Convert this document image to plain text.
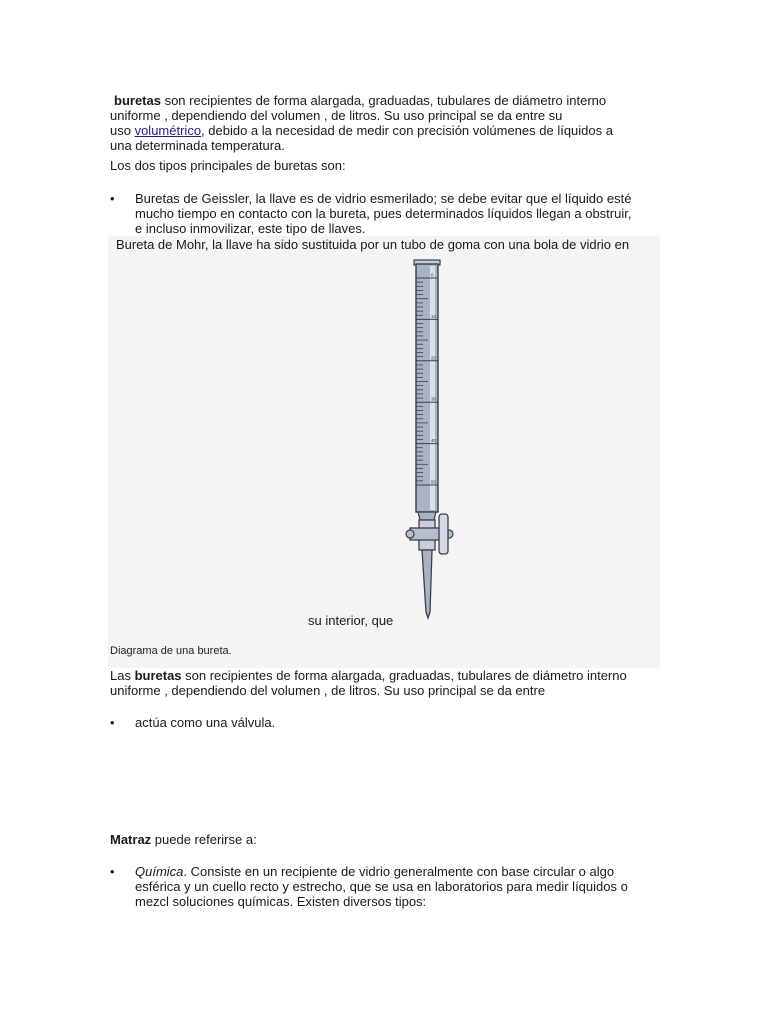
buretas son recipientes de forma alargada, graduadas, tubulares de diámetro interno

uniforme , dependiendo del volumen , de litros. Su uso principal se da entre su

uso volumétrico, debido a la necesidad de medir con precisión volúmenes de líquidos a

una determinada temperatura.

Los dos tipos principales de buretas son:

•	Buretas de Geissler, la llave es de vidrio esmerilado; se debe evitar que el líquido esté

mucho tiempo en contacto con la bureta, pues determinados líquidos llegan a obstruir,

e incluso inmovilizar, este tipo de llaves.

Bureta de Mohr, la llave ha sido sustituida por un tubo de goma con una bola de vidrio en

0
10
20
30
40
50

su interior, que

Diagrama de una bureta.

Las buretas son recipientes de forma alargada, graduadas, tubulares de diámetro interno

uniforme , dependiendo del volumen , de litros. Su uso principal se da entre

•	actúa como una válvula.

Matraz puede referirse a:

•	Química. Consiste en un recipiente de vidrio generalmente con base circular o algo

esférica y un cuello recto y estrecho, que se usa en laboratorios para medir líquidos o

mezcl soluciones químicas. Existen diversos tipos:
